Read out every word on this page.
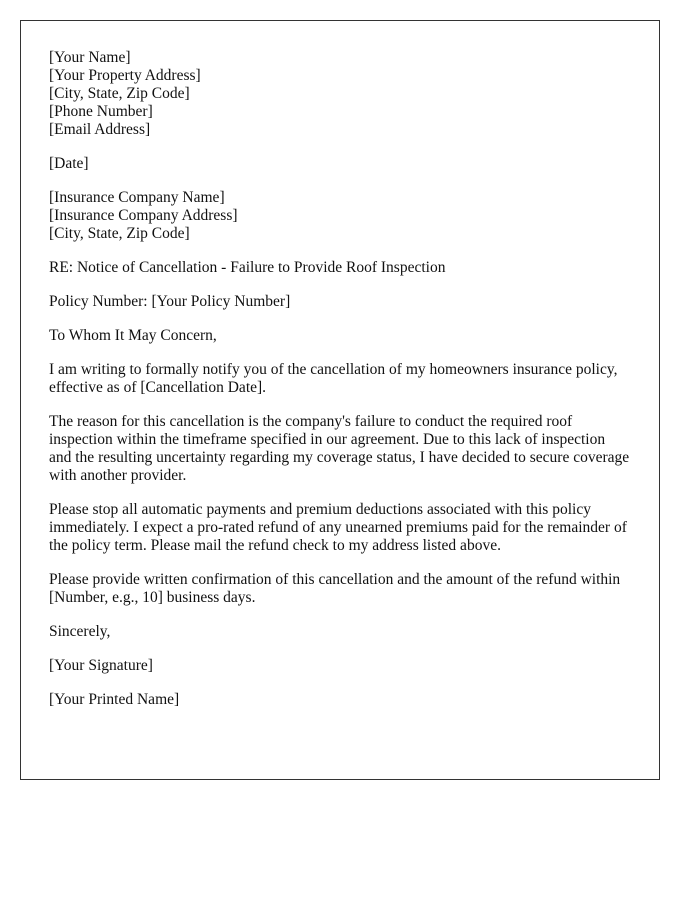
[Your Name]
[Your Property Address]
[City, State, Zip Code]
[Phone Number]
[Email Address]

[Date]

[Insurance Company Name]
[Insurance Company Address]
[City, State, Zip Code]

RE: Notice of Cancellation - Failure to Provide Roof Inspection

Policy Number: [Your Policy Number]

To Whom It May Concern,

I am writing to formally notify you of the cancellation of my homeowners insurance policy, effective as of [Cancellation Date].

The reason for this cancellation is the company's failure to conduct the required roof inspection within the timeframe specified in our agreement. Due to this lack of inspection and the resulting uncertainty regarding my coverage status, I have decided to secure coverage with another provider.

Please stop all automatic payments and premium deductions associated with this policy immediately. I expect a pro-rated refund of any unearned premiums paid for the remainder of the policy term. Please mail the refund check to my address listed above.

Please provide written confirmation of this cancellation and the amount of the refund within [Number, e.g., 10] business days.

Sincerely,

[Your Signature]

[Your Printed Name]
